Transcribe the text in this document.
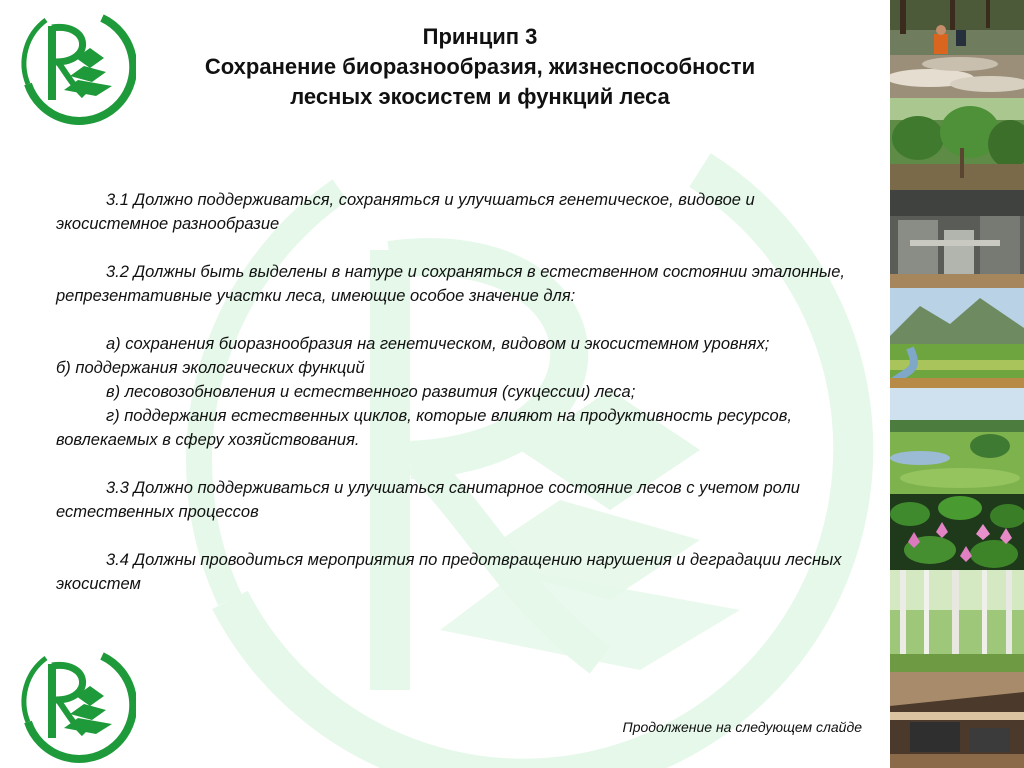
Принцип 3
Сохранение биоразнообразия, жизнеспособности
лесных экосистем и функций леса

3.1 Должно поддерживаться, сохраняться и улучшаться генетическое, видовое и экосистемное разнообразие

3.2 Должны быть выделены в натуре и сохраняться в естественном состоянии эталонные, репрезентативные участки леса, имеющие особое значение для:

а) сохранения биоразнообразия на генетическом, видовом и экосистемном уровнях;

б) поддержания экологических функций

в) лесовозобновления и естественного развития (сукцессии) леса;

г) поддержания естественных циклов, которые влияют на продуктивность ресурсов, вовлекаемых в сферу хозяйствования.

3.3 Должно поддерживаться и улучшаться санитарное состояние лесов с учетом роли естественных процессов

3.4 Должны проводиться мероприятия по предотвращению нарушения и деградации лесных экосистем

Продолжение на следующем слайде
